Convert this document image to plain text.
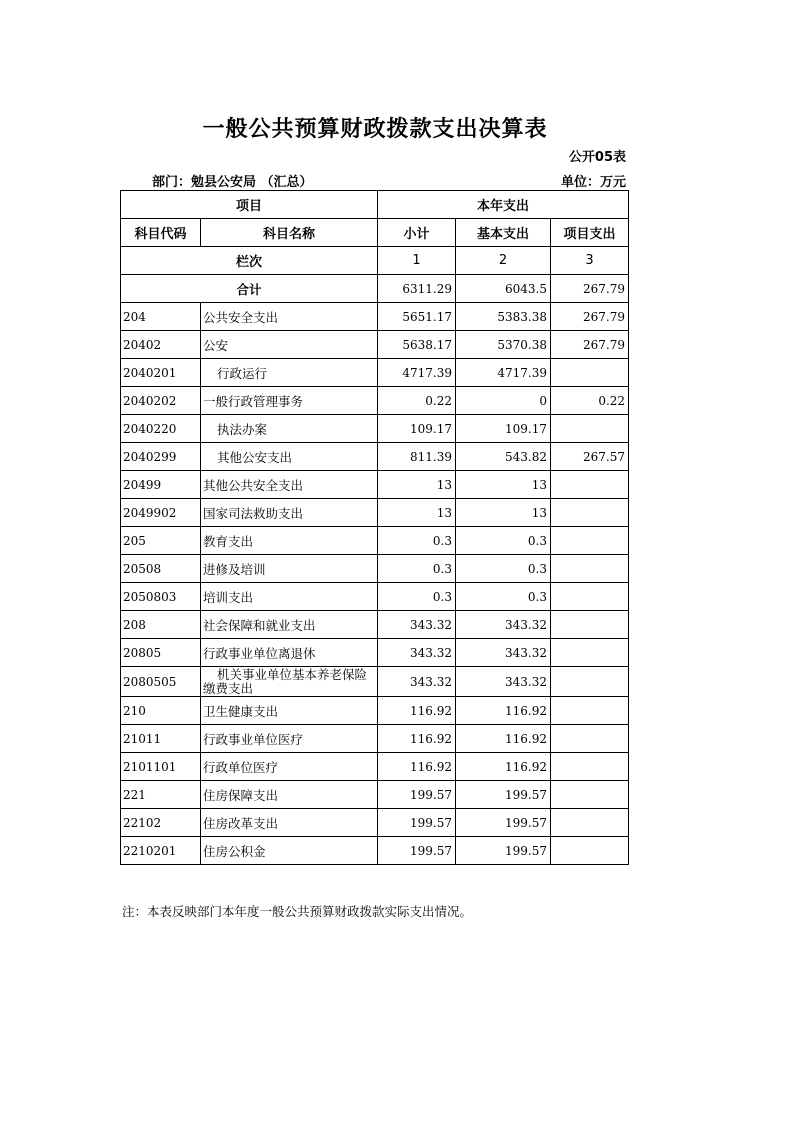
一般公共预算财政拨款支出决算表
公开05表
部门：勉县公安局 （汇总）	单位：万元
项目		本年支出		
科目代码	科目名称	小计	基本支出	项目支出
栏次		1	2	3
合计		6311.29	6043.5	267.79
204	公共安全支出	5651.17	5383.38	267.79
20402	公安	5638.17	5370.38	267.79
2040201	行政运行	4717.39	4717.39	
2040202	一般行政管理事务	0.22	0	0.22
2040220	执法办案	109.17	109.17	
2040299	其他公安支出	811.39	543.82	267.57
20499	其他公共安全支出	13	13	
2049902	国家司法救助支出	13	13	
205	教育支出	0.3	0.3	
20508	进修及培训	0.3	0.3	
2050803	培训支出	0.3	0.3	
208	社会保障和就业支出	343.32	343.32	
20805	行政事业单位离退休	343.32	343.32	
2080505	机关事业单位基本养老保险缴费支出	343.32	343.32	
210	卫生健康支出	116.92	116.92	
21011	行政事业单位医疗	116.92	116.92	
2101101	行政单位医疗	116.92	116.92	
221	住房保障支出	199.57	199.57	
22102	住房改革支出	199.57	199.57	
2210201	住房公积金	199.57	199.57	
注：本表反映部门本年度一般公共预算财政拨款实际支出情况。
